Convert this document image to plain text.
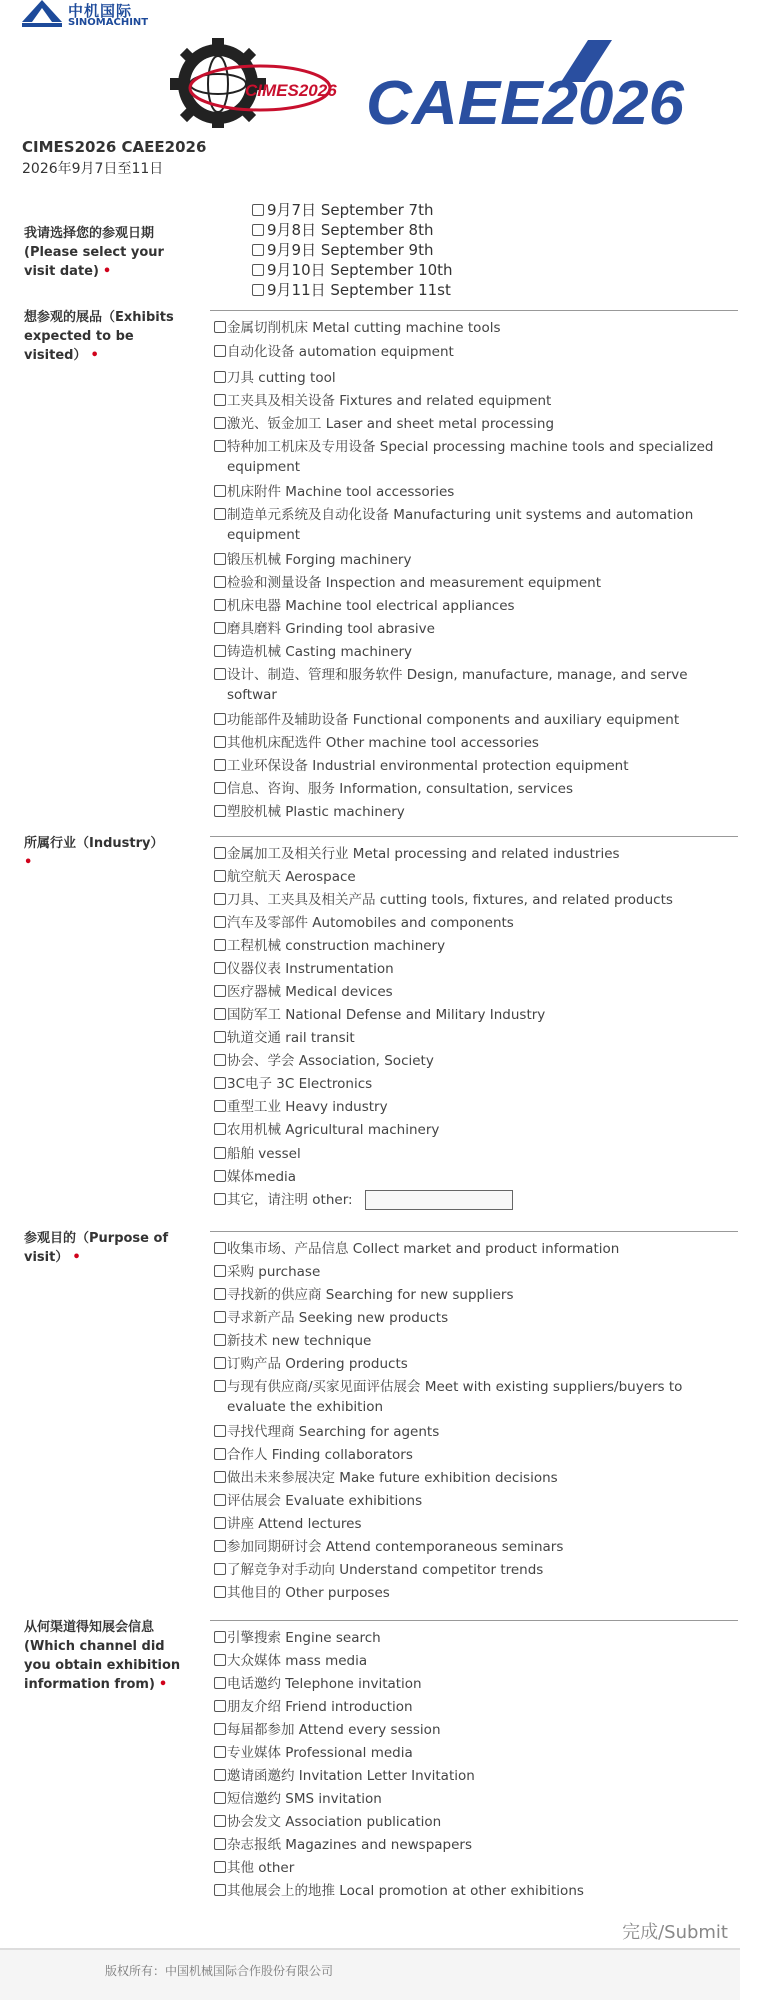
中机国际
SINOMACHINT
CIMES2026 CAEE2026
CIMES2026 CAEE2026
2026年9月7日至11日
我请选择您的参观日期
(Please select your visit date) •
9月7日 September 7th
9月8日 September 8th
9月9日 September 9th
9月10日 September 10th
9月11日 September 11st
想参观的展品（Exhibits expected to be visited） •
金属切削机床 Metal cutting machine tools
自动化设备 automation equipment
刀具 cutting tool
工夹具及相关设备 Fixtures and related equipment
激光、钣金加工 Laser and sheet metal processing
特种加工机床及专用设备 Special processing machine tools and specialized
equipment
机床附件 Machine tool accessories
制造单元系统及自动化设备 Manufacturing unit systems and automation
equipment
锻压机械 Forging machinery
检验和测量设备 Inspection and measurement equipment
机床电器 Machine tool electrical appliances
磨具磨料 Grinding tool abrasive
铸造机械 Casting machinery
设计、制造、管理和服务软件 Design, manufacture, manage, and serve
softwar
功能部件及辅助设备 Functional components and auxiliary equipment
其他机床配选件 Other machine tool accessories
工业环保设备 Industrial environmental protection equipment
信息、咨询、服务 Information, consultation, services
塑胶机械 Plastic machinery
所属行业（Industry）
•
金属加工及相关行业 Metal processing and related industries
航空航天 Aerospace
刀具、工夹具及相关产品 cutting tools, fixtures, and related products
汽车及零部件 Automobiles and components
工程机械 construction machinery
仪器仪表 Instrumentation
医疗器械 Medical devices
国防军工 National Defense and Military Industry
轨道交通 rail transit
协会、学会 Association, Society
3C电子 3C Electronics
重型工业 Heavy industry
农用机械 Agricultural machinery
船舶 vessel
媒体media
其它，请注明 other:
参观目的（Purpose of visit） •
收集市场、产品信息 Collect market and product information
采购 purchase
寻找新的供应商 Searching for new suppliers
寻求新产品 Seeking new products
新技术 new technique
订购产品 Ordering products
与现有供应商/买家见面评估展会 Meet with existing suppliers/buyers to
evaluate the exhibition
寻找代理商 Searching for agents
合作人 Finding collaborators
做出未来参展决定 Make future exhibition decisions
评估展会 Evaluate exhibitions
讲座 Attend lectures
参加同期研讨会 Attend contemporaneous seminars
了解竞争对手动向 Understand competitor trends
其他目的 Other purposes
从何渠道得知展会信息
(Which channel did you obtain exhibition information from) •
引擎搜索 Engine search
大众媒体 mass media
电话邀约 Telephone invitation
朋友介绍 Friend introduction
每届都参加 Attend every session
专业媒体 Professional media
邀请函邀约 Invitation Letter Invitation
短信邀约 SMS invitation
协会发文 Association publication
杂志报纸 Magazines and newspapers
其他 other
其他展会上的地推 Local promotion at other exhibitions
完成/Submit
版权所有：中国机械国际合作股份有限公司
